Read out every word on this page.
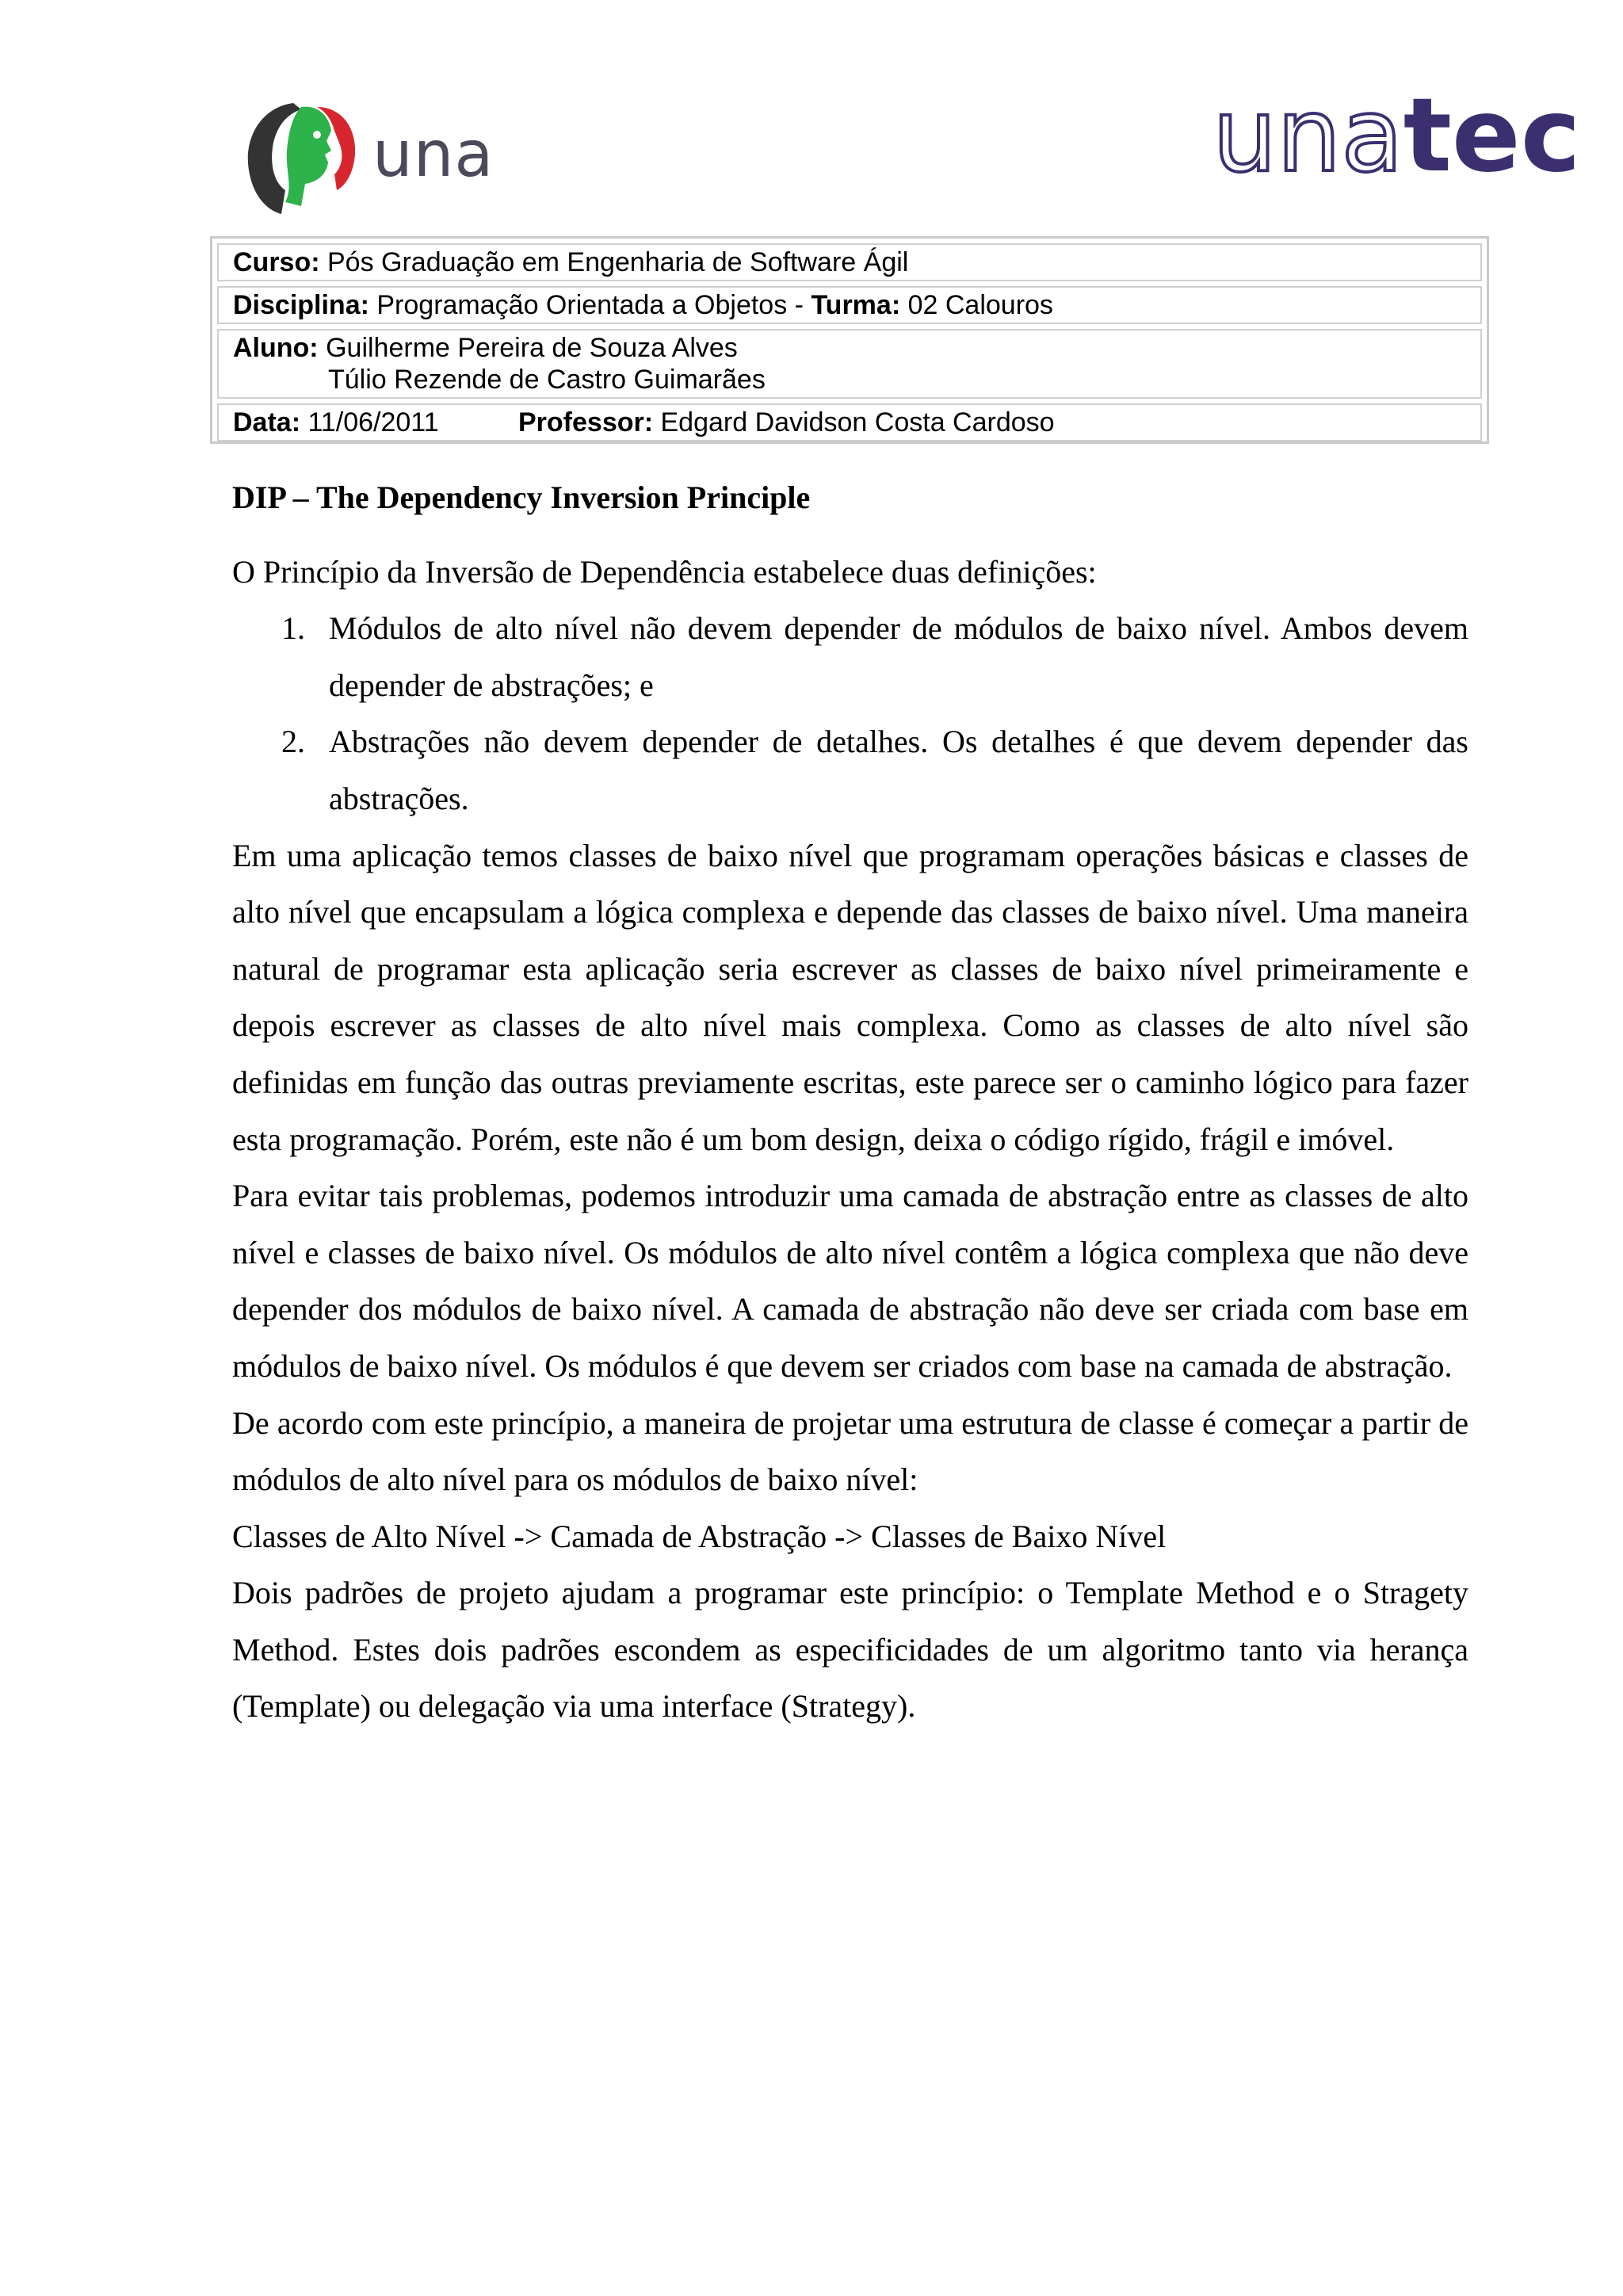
una	unatec
Curso: Pós Graduação em Engenharia de Software Ágil
Disciplina: Programação Orientada a Objetos - Turma: 02 Calouros
Aluno: Guilherme Pereira de Souza Alves
Túlio Rezende de Castro Guimarães
Data: 11/06/2011	Professor: Edgard Davidson Costa Cardoso
DIP – The Dependency Inversion Principle

O Princípio da Inversão de Dependência estabelece duas definições:

1. Módulos de alto nível não devem depender de módulos de baixo nível. Ambos devem depender de abstrações; e
2. Abstrações não devem depender de detalhes. Os detalhes é que devem depender das abstrações.

Em uma aplicação temos classes de baixo nível que programam operações básicas e classes de alto nível que encapsulam a lógica complexa e depende das classes de baixo nível. Uma maneira natural de programar esta aplicação seria escrever as classes de baixo nível primeiramente e depois escrever as classes de alto nível mais complexa. Como as classes de alto nível são definidas em função das outras previamente escritas, este parece ser o caminho lógico para fazer esta programação. Porém, este não é um bom design, deixa o código rígido, frágil e imóvel.

Para evitar tais problemas, podemos introduzir uma camada de abstração entre as classes de alto nível e classes de baixo nível. Os módulos de alto nível contêm a lógica complexa que não deve depender dos módulos de baixo nível. A camada de abstração não deve ser criada com base em módulos de baixo nível. Os módulos é que devem ser criados com base na camada de abstração.

De acordo com este princípio, a maneira de projetar uma estrutura de classe é começar a partir de módulos de alto nível para os módulos de baixo nível:

Classes de Alto Nível -> Camada de Abstração -> Classes de Baixo Nível

Dois padrões de projeto ajudam a programar este princípio: o Template Method e o Stragety Method. Estes dois padrões escondem as especificidades de um algoritmo tanto via herança (Template) ou delegação via uma interface (Strategy).
